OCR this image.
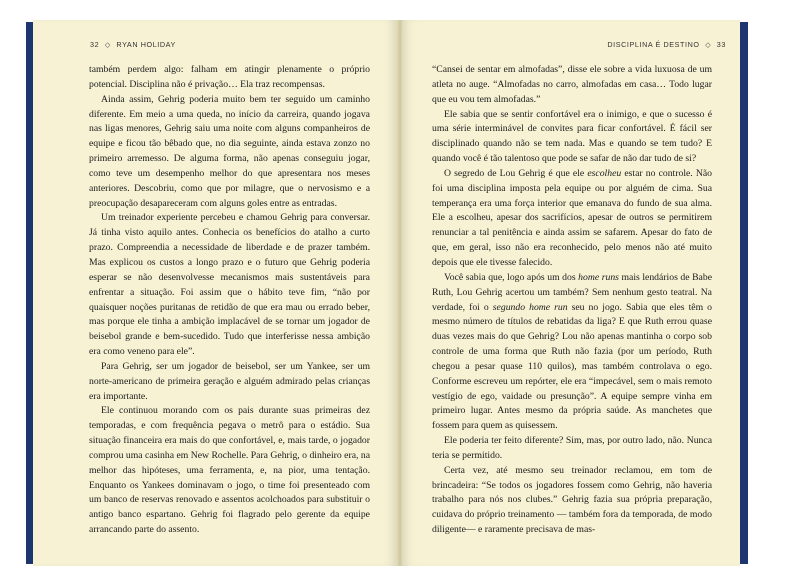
32 ◇ RYAN HOLIDAY

também perdem algo: falham em atingir plenamente o próprio potencial. Disciplina não é privação… Ela traz recompensas.

Ainda assim, Gehrig poderia muito bem ter seguido um caminho diferente. Em meio a uma queda, no início da carreira, quando jogava nas ligas menores, Gehrig saiu uma noite com alguns companheiros de equipe e ficou tão bêbado que, no dia seguinte, ainda estava zonzo no primeiro arremesso. De alguma forma, não apenas conseguiu jogar, como teve um desempenho melhor do que apresentara nos meses anteriores. Descobriu, como que por milagre, que o nervosismo e a preocupação desapareceram com alguns goles entre as entradas.

Um treinador experiente percebeu e chamou Gehrig para conversar. Já tinha visto aquilo antes. Conhecia os benefícios do atalho a curto prazo. Compreendia a necessidade de liberdade e de prazer também. Mas explicou os custos a longo prazo e o futuro que Gehrig poderia esperar se não desenvolvesse mecanismos mais sustentáveis para enfrentar a situação. Foi assim que o hábito teve fim, “não por quaisquer noções puritanas de retidão de que era mau ou errado beber, mas porque ele tinha a ambição implacável de se tornar um jogador de beisebol grande e bem-sucedido. Tudo que interferisse nessa ambição era como veneno para ele”.

Para Gehrig, ser um jogador de beisebol, ser um Yankee, ser um norte-americano de primeira geração e alguém admirado pelas crianças era importante.

Ele continuou morando com os pais durante suas primeiras dez temporadas, e com frequência pegava o metrô para o estádio. Sua situação financeira era mais do que confortável, e, mais tarde, o jogador comprou uma casinha em New Rochelle. Para Gehrig, o dinheiro era, na melhor das hipóteses, uma ferramenta, e, na pior, uma tentação. Enquanto os Yankees dominavam o jogo, o time foi presenteado com um banco de reservas renovado e assentos acolchoados para substituir o antigo banco espartano. Gehrig foi flagrado pelo gerente da equipe arrancando parte do assento.

DISCIPLINA É DESTINO ◇ 33

“Cansei de sentar em almofadas”, disse ele sobre a vida luxuosa de um atleta no auge. “Almofadas no carro, almofadas em casa… Todo lugar que eu vou tem almofadas.”

Ele sabia que se sentir confortável era o inimigo, e que o sucesso é uma série interminável de convites para ficar confortável. É fácil ser disciplinado quando não se tem nada. Mas e quando se tem tudo? E quando você é tão talentoso que pode se safar de não dar tudo de si?

O segredo de Lou Gehrig é que ele escolheu estar no controle. Não foi uma disciplina imposta pela equipe ou por alguém de cima. Sua temperança era uma força interior que emanava do fundo de sua alma. Ele a escolheu, apesar dos sacrifícios, apesar de outros se permitirem renunciar a tal penitência e ainda assim se safarem. Apesar do fato de que, em geral, isso não era reconhecido, pelo menos não até muito depois que ele tivesse falecido.

Você sabia que, logo após um dos home runs mais lendários de Babe Ruth, Lou Gehrig acertou um também? Sem nenhum gesto teatral. Na verdade, foi o segundo home run seu no jogo. Sabia que eles têm o mesmo número de títulos de rebatidas da liga? E que Ruth errou quase duas vezes mais do que Gehrig? Lou não apenas mantinha o corpo sob controle de uma forma que Ruth não fazia (por um período, Ruth chegou a pesar quase 110 quilos), mas também controlava o ego. Conforme escreveu um repórter, ele era “impecável, sem o mais remoto vestígio de ego, vaidade ou presunção”. A equipe sempre vinha em primeiro lugar. Antes mesmo da própria saúde. As manchetes que fossem para quem as quisessem.

Ele poderia ter feito diferente? Sim, mas, por outro lado, não. Nunca teria se permitido.

Certa vez, até mesmo seu treinador reclamou, em tom de brincadeira: “Se todos os jogadores fossem como Gehrig, não haveria trabalho para nós nos clubes.” Gehrig fazia sua própria preparação, cuidava do próprio treinamento — também fora da temporada, de modo diligente— e raramente precisava de mas-
